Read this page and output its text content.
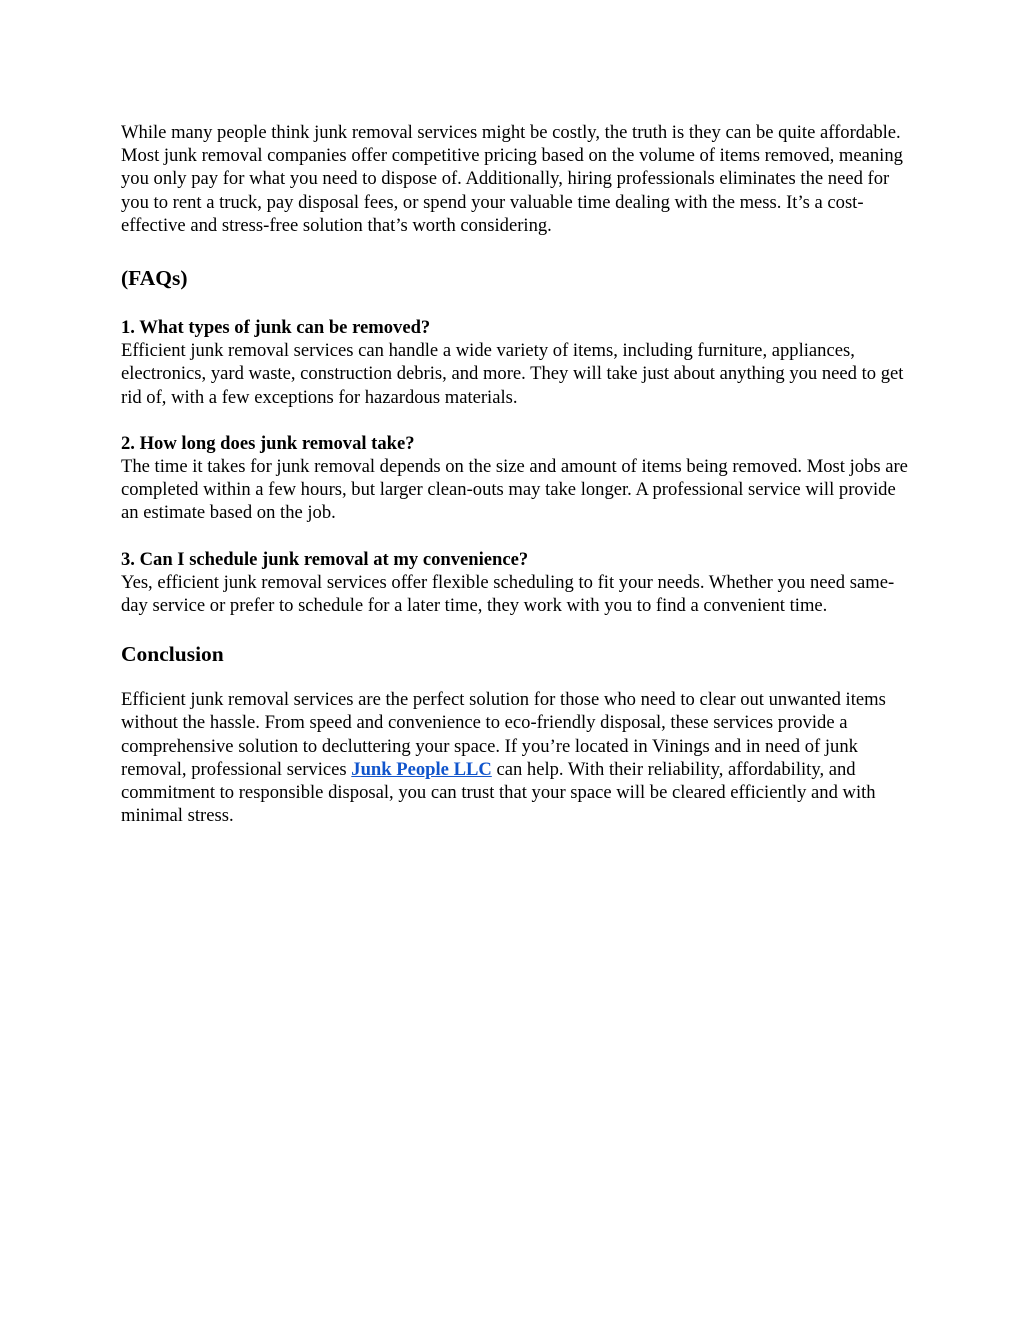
While many people think junk removal services might be costly, the truth is they can be quite affordable. Most junk removal companies offer competitive pricing based on the volume of items removed, meaning you only pay for what you need to dispose of. Additionally, hiring professionals eliminates the need for you to rent a truck, pay disposal fees, or spend your valuable time dealing with the mess. It’s a cost-effective and stress-free solution that’s worth considering.

(FAQs)
1. What types of junk can be removed?

Efficient junk removal services can handle a wide variety of items, including furniture, appliances, electronics, yard waste, construction debris, and more. They will take just about anything you need to get rid of, with a few exceptions for hazardous materials.

2. How long does junk removal take?

The time it takes for junk removal depends on the size and amount of items being removed. Most jobs are completed within a few hours, but larger clean-outs may take longer. A professional service will provide an estimate based on the job.

3. Can I schedule junk removal at my convenience?

Yes, efficient junk removal services offer flexible scheduling to fit your needs. Whether you need same-day service or prefer to schedule for a later time, they work with you to find a convenient time.

Conclusion

Efficient junk removal services are the perfect solution for those who need to clear out unwanted items without the hassle. From speed and convenience to eco-friendly disposal, these services provide a comprehensive solution to decluttering your space. If you’re located in Vinings and in need of junk removal, professional services Junk People LLC can help. With their reliability, affordability, and commitment to responsible disposal, you can trust that your space will be cleared efficiently and with minimal stress.
